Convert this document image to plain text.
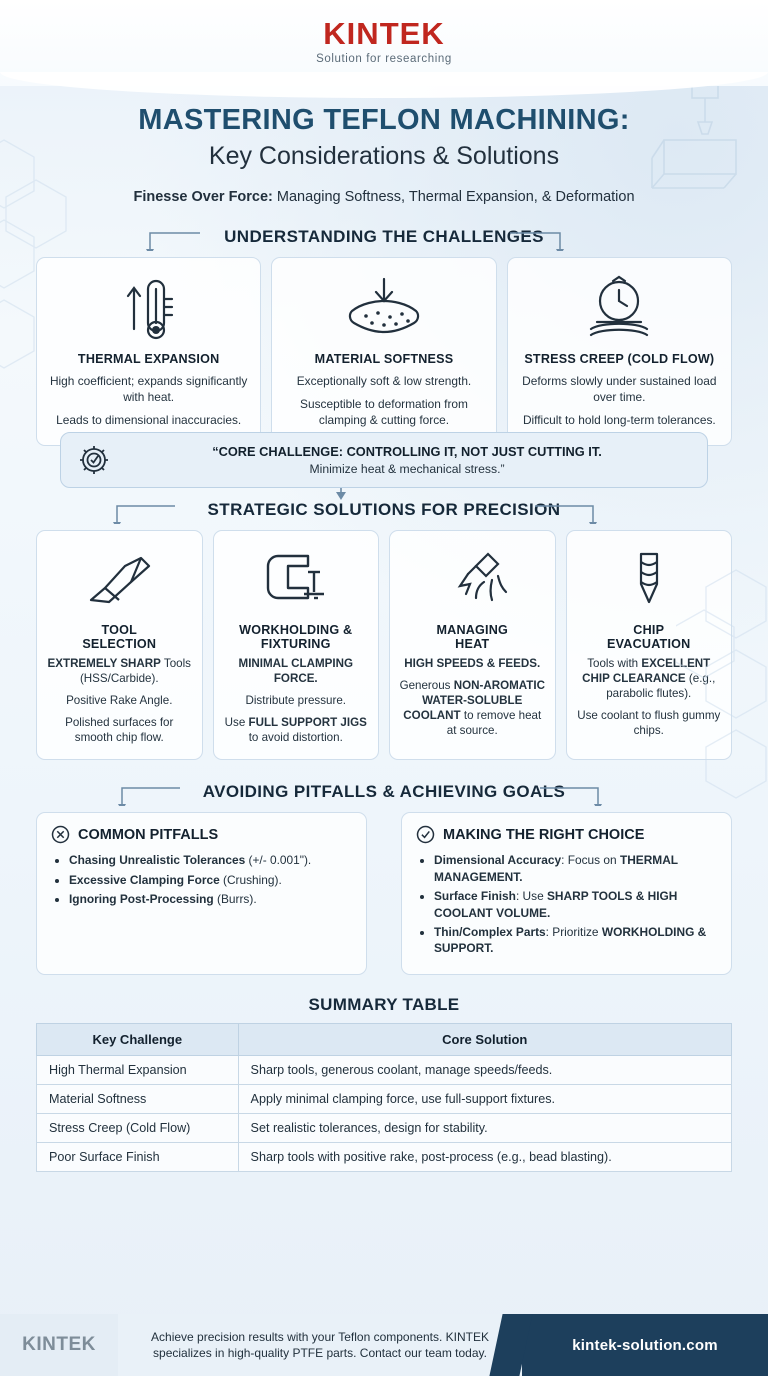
KINTEK
Solution for researching
MASTERING TEFLON MACHINING:
Key Considerations & Solutions

Finesse Over Force: Managing Softness, Thermal Expansion, & Deformation

UNDERSTANDING THE CHALLENGES
THERMAL EXPANSION

High coefficient; expands significantly with heat.

Leads to dimensional inaccuracies.

MATERIAL SOFTNESS

Exceptionally soft & low strength.

Susceptible to deformation from clamping & cutting force.

STRESS CREEP (COLD FLOW)

Deforms slowly under sustained load over time.

Difficult to hold long-term tolerances.

“CORE CHALLENGE: CONTROLLING IT, NOT JUST CUTTING IT.
Minimize heat & mechanical stress.”
STRATEGIC SOLUTIONS FOR PRECISION
TOOL
SELECTION

EXTREMELY SHARP Tools (HSS/Carbide).

Positive Rake Angle.

Polished surfaces for smooth chip flow.

WORKHOLDING &
FIXTURING

MINIMAL CLAMPING FORCE.

Distribute pressure.

Use FULL SUPPORT JIGS to avoid distortion.

MANAGING
HEAT

HIGH SPEEDS & FEEDS.

Generous NON-AROMATIC WATER-SOLUBLE COOLANT to remove heat at source.

CHIP
EVACUATION

Tools with EXCELLENT CHIP CLEARANCE (e.g., parabolic flutes).

Use coolant to flush gummy chips.

AVOIDING PITFALLS & ACHIEVING GOALS
COMMON PITFALLS
• Chasing Unrealistic Tolerances (+/- 0.001").
• Excessive Clamping Force (Crushing).
• Ignoring Post-Processing (Burrs).
MAKING THE RIGHT CHOICE
• Dimensional Accuracy: Focus on THERMAL MANAGEMENT.
• Surface Finish: Use SHARP TOOLS & HIGH COOLANT VOLUME.
• Thin/Complex Parts: Prioritize WORKHOLDING & SUPPORT.
SUMMARY TABLE
Key Challenge	Core Solution
High Thermal Expansion	Sharp tools, generous coolant, manage speeds/feeds.
Material Softness	Apply minimal clamping force, use full-support fixtures.
Stress Creep (Cold Flow)	Set realistic tolerances, design for stability.
Poor Surface Finish	Sharp tools with positive rake, post-process (e.g., bead blasting).
KINTEK	Achieve precision results with your Teflon components. KINTEK specializes in high-quality PTFE parts. Contact our team today.	kintek-solution.com
